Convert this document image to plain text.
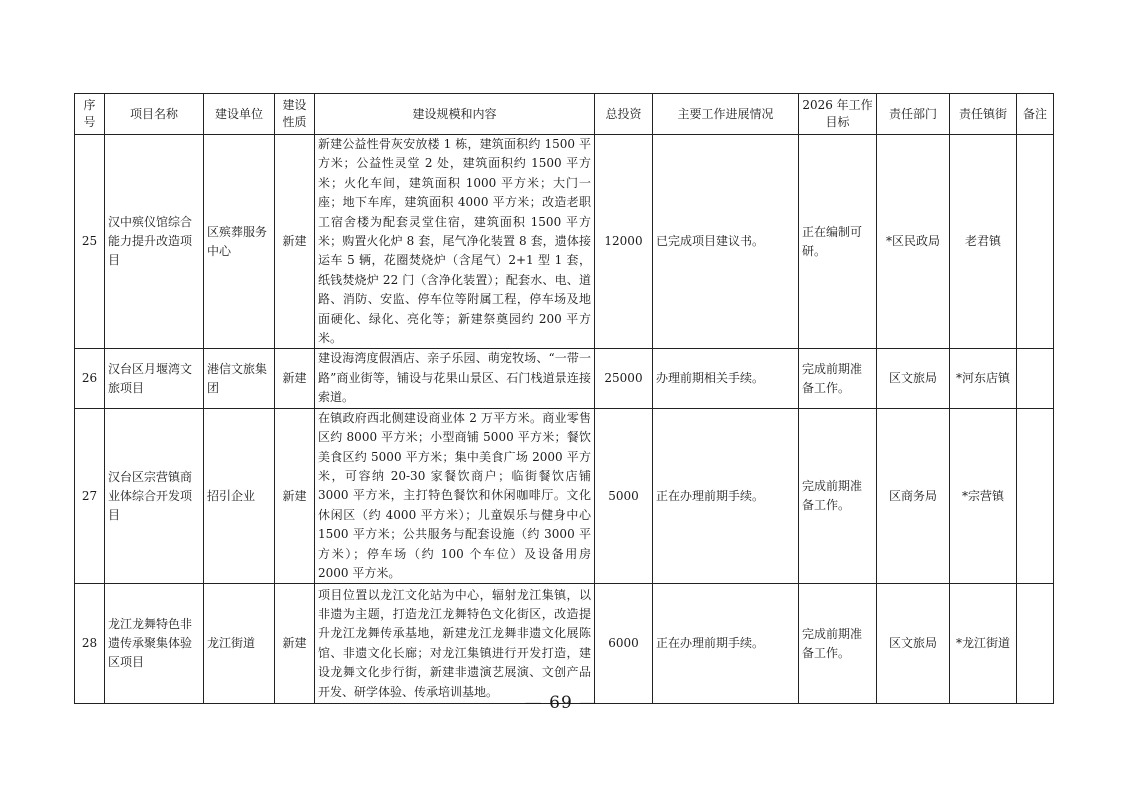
序号	项目名称	建设单位	建设性质	建设规模和内容	总投资	主要工作进展情况	2026 年工作目标	责任部门	责任镇街	备注
25	汉中殡仪馆综合能力提升改造项目	区殡葬服务中心	新建	新建公益性骨灰安放楼 1 栋，建筑面积约 1500 平方米；公益性灵堂 2 处，建筑面积约 1500 平方米；火化车间，建筑面积 1000 平方米；大门一座；地下车库，建筑面积 4000 平方米；改造老职工宿舍楼为配套灵堂住宿，建筑面积 1500 平方米；购置火化炉 8 套，尾气净化装置 8 套，遗体接运车 5 辆，花圈焚烧炉（含尾气）2+1 型 1 套，纸钱焚烧炉 22 门（含净化装置）；配套水、电、道路、消防、安监、停车位等附属工程，停车场及地面硬化、绿化、亮化等；新建祭奠园约 200 平方米。	12000	已完成项目建议书。	正在编制可研。	*区民政局	老君镇	
26	汉台区月堰湾文旅项目	港信文旅集团	新建	建设海湾度假酒店、亲子乐园、萌宠牧场、“一带一路”商业街等，铺设与花果山景区、石门栈道景连接索道。	25000	办理前期相关手续。	完成前期准备工作。	区文旅局	*河东店镇	
27	汉台区宗营镇商业体综合开发项目	招引企业	新建	在镇政府西北侧建设商业体 2 万平方米。商业零售区约 8000 平方米；小型商铺 5000 平方米；餐饮美食区约 5000 平方米；集中美食广场 2000 平方米，可容纳 20-30 家餐饮商户；临街餐饮店铺 3000 平方米，主打特色餐饮和休闲咖啡厅。文化休闲区（约 4000 平方米）；儿童娱乐与健身中心 1500 平方米；公共服务与配套设施（约 3000 平方米）；停车场（约 100 个车位）及设备用房 2000 平方米。	5000	正在办理前期手续。	完成前期准备工作。	区商务局	*宗营镇	
28	龙江龙舞特色非遗传承聚集体验区项目	龙江街道	新建	项目位置以龙江文化站为中心，辐射龙江集镇，以非遗为主题，打造龙江龙舞特色文化街区，改造提升龙江龙舞传承基地，新建龙江龙舞非遗文化展陈馆、非遗文化长廊；对龙江集镇进行开发打造，建设龙舞文化步行街，新建非遗演艺展演、文创产品开发、研学体验、传承培训基地。	6000	正在办理前期手续。	完成前期准备工作。	区文旅局	*龙江街道	
— 69 —
